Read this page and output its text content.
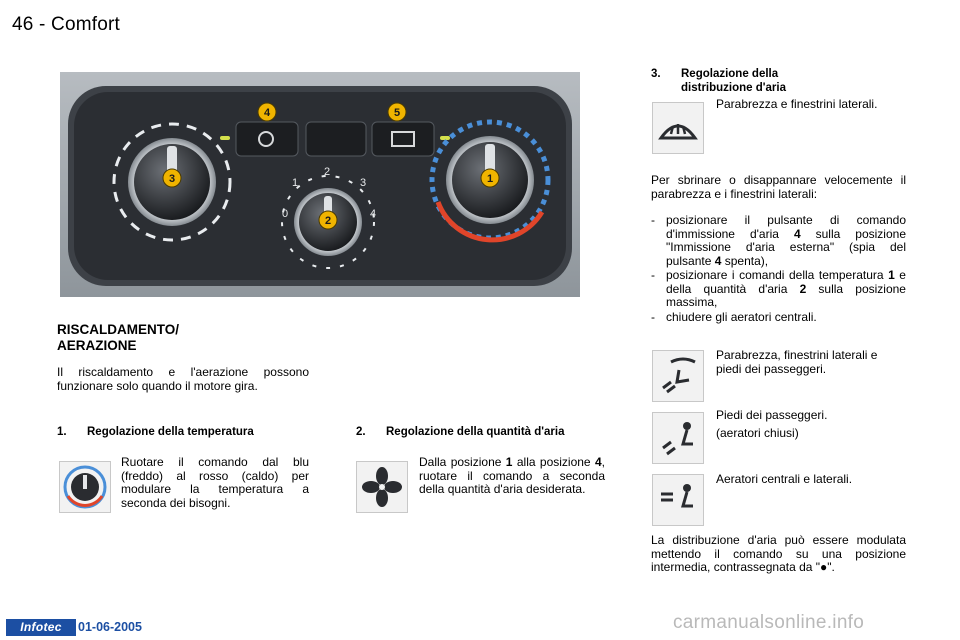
46 - Comfort
0
1
2
3
4
3
2
1
4	5
RISCALDAMENTO/
AERAZIONE

Il riscaldamento e l'aerazione possono funzionare solo quando il motore gira.

1. Regolazione della temperatura

Ruotare il comando dal blu (freddo) al rosso (caldo) per modulare la temperatura a seconda dei bisogni.

2. Regolazione della quantità d'aria

Dalla posizione 1 alla posizione 4, ruotare il comando a seconda della quantità d'aria desiderata.

3. Regolazione della
distribuzione d'aria

Parabrezza e finestrini laterali.

Per sbrinare o disappannare velocemente il parabrezza e i finestrini laterali:

- posizionare il pulsante di comando d'immissione d'aria 4 sulla posizione "Immissione d'aria esterna" (spia del pulsante 4 spenta),
- posizionare i comandi della temperatura 1 e della quantità d'aria 2 sulla posizione massima,
- chiudere gli aeratori centrali.

Parabrezza, finestrini laterali e piedi dei passeggeri.

Piedi dei passeggeri.

(aeratori chiusi)

Aeratori centrali e laterali.

La distribuzione d'aria può essere modulata mettendo il comando su una posizione intermedia, contrassegnata da "●".

Infotec	01-06-2005	carmanualsonline.info
